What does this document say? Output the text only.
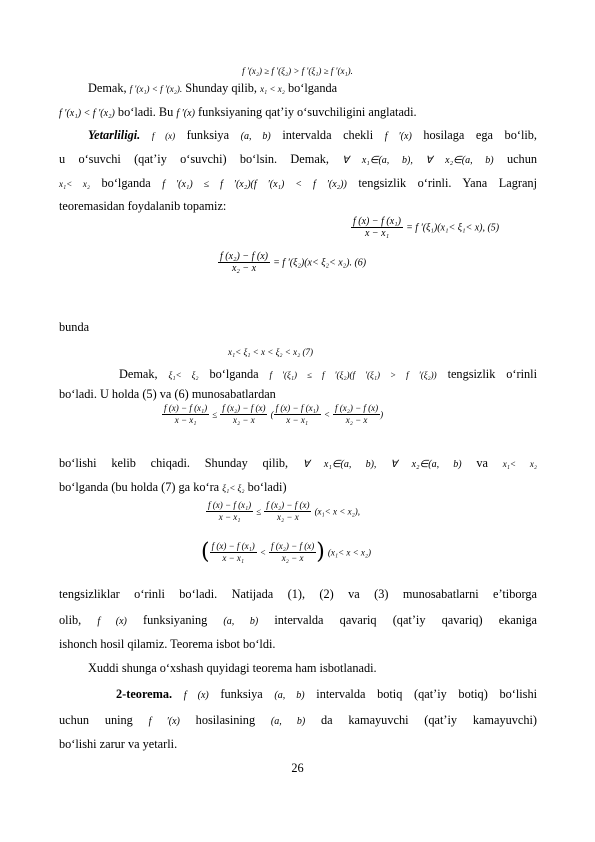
f ′(x₂) ≥ f ′(ξ₂) > f ′(ξ₁) ≥ f ′(x₁).
Demak, f ′(x₁) < f ′(x₂). Shunday qilib, x₁ < x₂ bo‘lganda
f ′(x₁) < f ′(x₂) bo‘ladi. Bu f ′(x) funksiyaning qat’iy o‘suvchiligini anglatadi.
Yetarliligi. f (x) funksiya (a, b) intervalda chekli f ′(x) hosilaga ega bo‘lib,
u o‘suvchi (qat’iy o‘suvchi) bo‘lsin. Demak, ∀ x₁∈(a, b), ∀ x₂∈(a, b) uchun
x₁< x₂ bo‘lganda f ′(x₁) ≤ f ′(x₂)(f ′(x₁) < f ′(x₂)) tengsizlik o‘rinli. Yana Lagranj
teoremasidan foydalanib topamiz:
$\frac{\text{f (x) − f (x₁)}}{\text{x − x₁}} = f$ ′(ξ₁)(x₁< ξ₁< x), (5)
$\frac{\text{f (x₂) − f (x)}}{\text{x₂ − x}} = f$ ′(ξ₂)(x< ξ₂< x₂). (6)
bunda
x₁< ξ₁ < x < ξ₂ < x₂ (7)
Demak, ξ₁< ξ₂ bo‘lganda f ′(ξ₁) ≤ f ′(ξ₂)(f ′(ξ₁) > f ′(ξ₂)) tengsizlik o‘rinli
bo‘ladi. U holda (5) va (6) munosabatlardan
$\frac{\text{f (x) − f (x₁)}}{\text{x − x₁}} \le \frac{\text{f (x₂) − f (x)}}{\text{x₂ − x}}$ ( $\frac{\text{f (x) − f (x₁)}}{\text{x − x₁}} < \frac{\text{f (x₂) − f (x)}}{\text{x₂ − x}}$ )
bo‘lishi kelib chiqadi. Shunday qilib, ∀ x₁∈(a, b), ∀ x₂∈(a, b) va x₁< x₂
bo‘lganda (bu holda (7) ga ko‘ra ξ₁< ξ₂ bo‘ladi)
$\frac{\text{f (x) − f (x₁)}}{\text{x − x₁}} \le \frac{\text{f (x₂) − f (x)}}{\text{x₂ − x}} (x_1< x < x_2)$,
( $\frac{\text{f (x) − f (x₁)}}{\text{x − x₁}} < \frac{\text{f (x₂) − f (x)}}{\text{x₂ − x}}$ ) (x₁< x < x₂)
tengsizliklar o‘rinli bo‘ladi. Natijada (1), (2) va (3) munosabatlarni e’tiborga
olib, f (x) funksiyaning (a, b) intervalda qavariq (qat’iy qavariq) ekaniga
ishonch hosil qilamiz. Teorema isbot bo‘ldi.
Xuddi shunga o‘xshash quyidagi teorema ham isbotlanadi.
2-teorema. f (x) funksiya (a, b) intervalda botiq (qat’iy botiq) bo‘lishi
uchun uning f ′(x) hosilasining (a, b) da kamayuvchi (qat’iy kamayuvchi)
bo‘lishi zarur va yetarli.
26
